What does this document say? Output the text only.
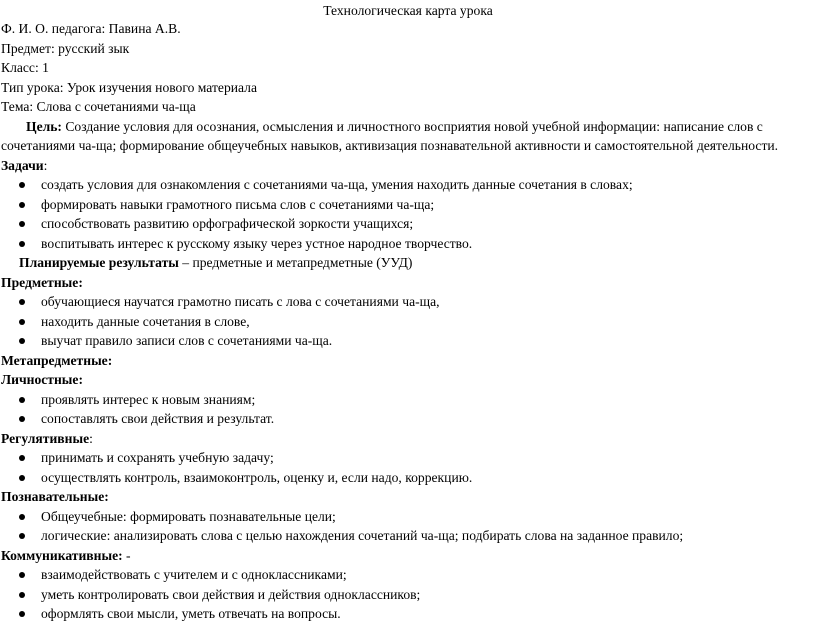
Технологическая карта урока
Ф. И. О. педагога: Павина А.В.
Предмет: русский зык
Класс: 1
Тип урока: Урок изучения нового материала
Тема: Слова с сочетаниями ча-ща
Цель: Создание условия для осознания, осмысления и личностного восприятия новой учебной информации: написание слов с
сочетаниями ча-ща; формирование общеучебных навыков, активизация познавательной активности и самостоятельной деятельности.
Задачи:
создать условия для ознакомления с сочетаниями ча-ща, умения находить данные сочетания в словах;
формировать навыки грамотного письма слов с сочетаниями ча-ща;
способствовать развитию орфографической зоркости учащихся;
воспитывать интерес к русскому языку через устное народное творчество.
Планируемые результаты – предметные и метапредметные (УУД)
Предметные:
обучающиеся научатся грамотно писать с лова с сочетаниями ча-ща,
находить данные сочетания в слове,
выучат правило записи слов с сочетаниями ча-ща.
Метапредметные:
Личностные:
проявлять интерес к новым знаниям;
сопоставлять свои действия и результат.
Регулятивные:
принимать и сохранять учебную задачу;
осуществлять контроль, взаимоконтроль, оценку и, если надо, коррекцию.
Познавательные:
Общеучебные: формировать познавательные цели;
логические: анализировать слова с целью нахождения сочетаний ча-ща; подбирать слова на заданное правило;
Коммуникативные: -
взаимодействовать с учителем и с одноклассниками;
уметь контролировать свои действия и действия одноклассников;
оформлять свои мысли, уметь отвечать на вопросы.
